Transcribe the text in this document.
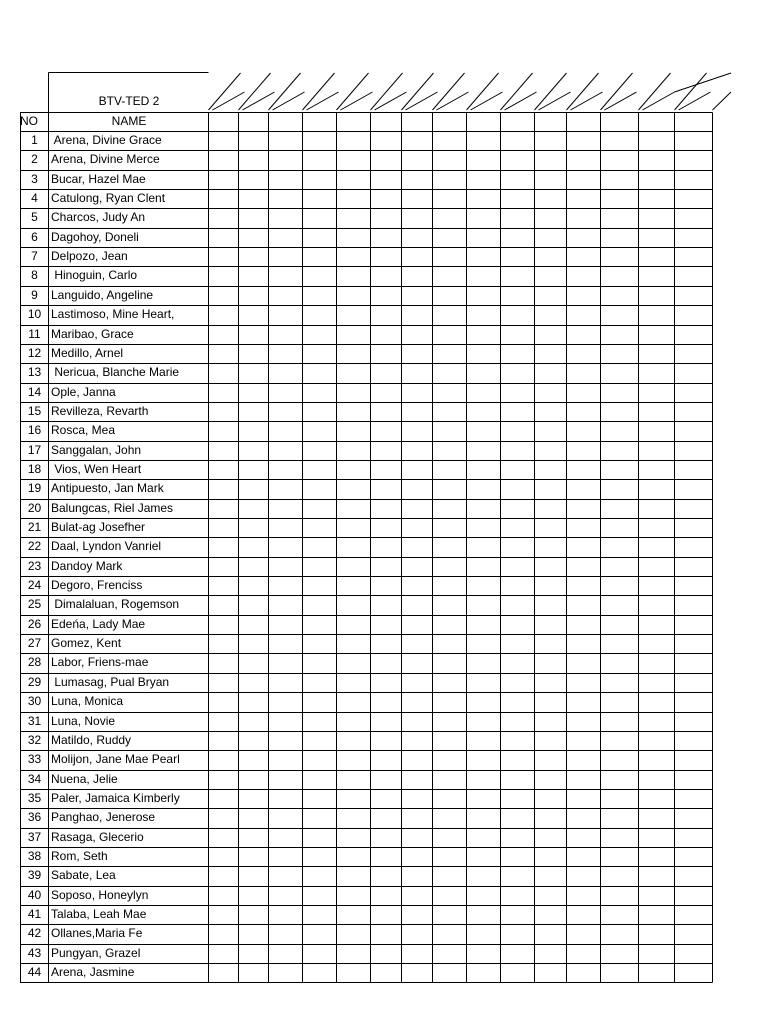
BTV-TED 2
NO	NAME
1	Arena, Divine Grace
2	Arena, Divine Merce
3	Bucar, Hazel Mae
4	Catulong, Ryan Clent
5	Charcos, Judy An
6	Dagohoy, Doneli
7	Delpozo, Jean
8	Hinoguin, Carlo
9	Languido, Angeline
10 Lastimoso, Mine Heart,
11 Maribao, Grace
12 Medillo, Arnel
13 Nericua, Blanche Marie
14 Ople, Janna
15 Revilleza, Revarth
16 Rosca, Mea
17 Sanggalan, John
18 Vios, Wen Heart
19 Antipuesto, Jan Mark
20 Balungcas, Riel James
21 Bulat-ag Josefher
22 Daal, Lyndon Vanriel
23 Dandoy Mark
24 Degoro, Frenciss
25 Dimalaluan, Rogemson
26 Edeńa, Lady Mae
27 Gomez, Kent
28 Labor, Friens-mae
29 Lumasag, Pual Bryan
30 Luna, Monica
31 Luna, Novie
32 Matildo, Ruddy
33 Molijon, Jane Mae Pearl
34 Nuena, Jelie
35 Paler, Jamaica Kimberly
36 Panghao, Jenerose
37 Rasaga, Glecerio
38 Rom, Seth
39 Sabate, Lea
40 Soposo, Honeylyn
41 Talaba, Leah Mae
42 Ollanes,Maria Fe
43 Pungyan, Grazel
44 Arena, Jasmine
